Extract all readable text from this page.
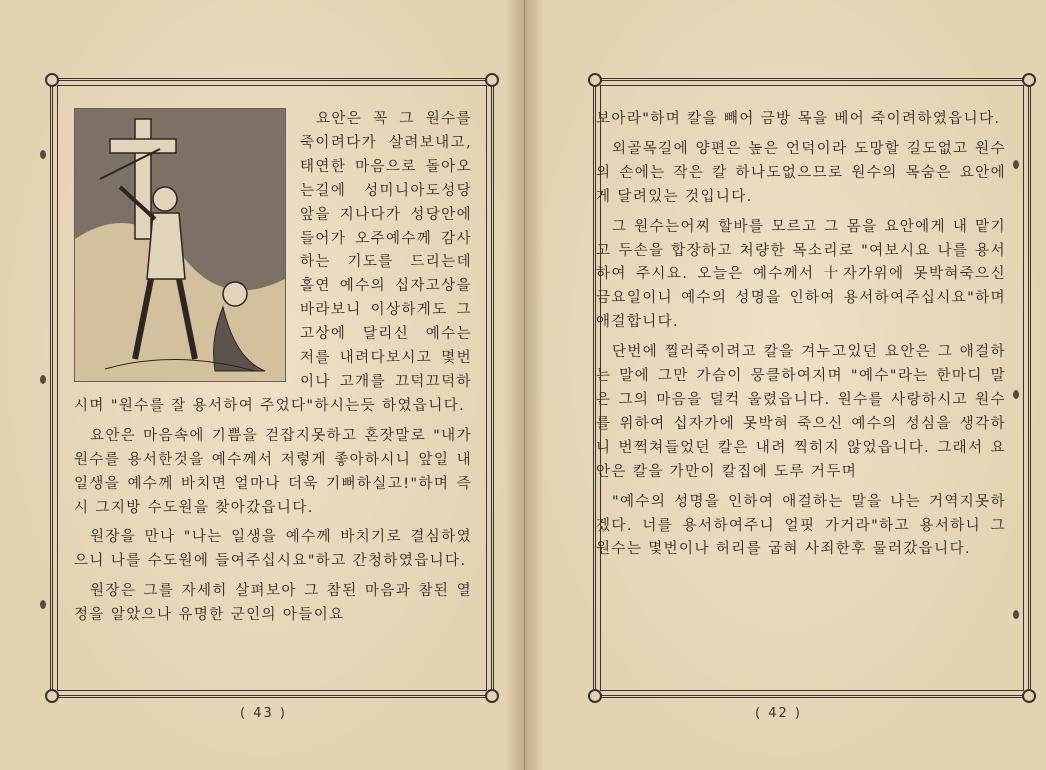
요안은 꼭 그 원수를 죽이려다가 살려보내고, 태연한 마음으로 돌아오는길에 성미니아도성당앞을 지나다가 성당안에 들어가 오주예수께 감사하는 기도를 드리는데 홀연 예수의 십자고상을 바라보니 이상하게도 그 고상에 달리신 예수는 저를 내려다보시고 몇번이나 고개를 끄덕끄덕하시며 "원수를 잘 용서하여 주었다"하시는듯 하였읍니다.

요안은 마음속에 기쁨을 걷잡지못하고 혼잣말로 "내가 원수를 용서한것을 예수께서 저렇게 좋아하시니 앞일 내 일생을 예수께 바치면 얼마나 더욱 기뻐하실고!"하며 즉시 그지방 수도원을 찾아갔읍니다.

원장을 만나 "나는 일생을 예수께 바치기로 결심하였으니 나를 수도원에 들여주십시요"하고 간청하였읍니다.

원장은 그를 자세히 살펴보아 그 참된 마음과 참된 열정을 알았으나 유명한 군인의 아들이요

( 43 )	( 42 )

보아라"하며 칼을 빼어 금방 목을 베어 죽이려하였읍니다.

외골목길에 양편은 높은 언덕이라 도망할 길도없고 원수의 손에는 작은 칼 하나도없으므로 원수의 목숨은 요안에게 달려있는 것입니다.

그 원수는어찌 할바를 모르고 그 몸을 요안에게 내 맡기고 두손을 합장하고 처량한 목소리로 "여보시요 나를 용서하여 주시요. 오늘은 예수께서 十자가위에 못박혀죽으신 금요일이니 예수의 성명을 인하여 용서하여주십시요"하며 애걸합니다.

단번에 찔러죽이려고 칼을 겨누고있던 요안은 그 애걸하는 말에 그만 가슴이 뭉클하여지며 "예수"라는 한마디 말은 그의 마음을 덜컥 울렸읍니다. 원수를 사랑하시고 원수를 위하여 십자가에 못박혀 죽으신 예수의 성심을 생각하니 번쩍쳐들었던 칼은 내려 찍히지 않었읍니다. 그래서 요안은 칼을 가만이 칼집에 도루 거두며

"예수의 성명을 인하여 애걸하는 말을 나는 거역지못하겠다. 너를 용서하여주니 얼핏 가거라"하고 용서하니 그 원수는 몇번이나 허리를 굽혀 사죄한후 물러갔읍니다.
